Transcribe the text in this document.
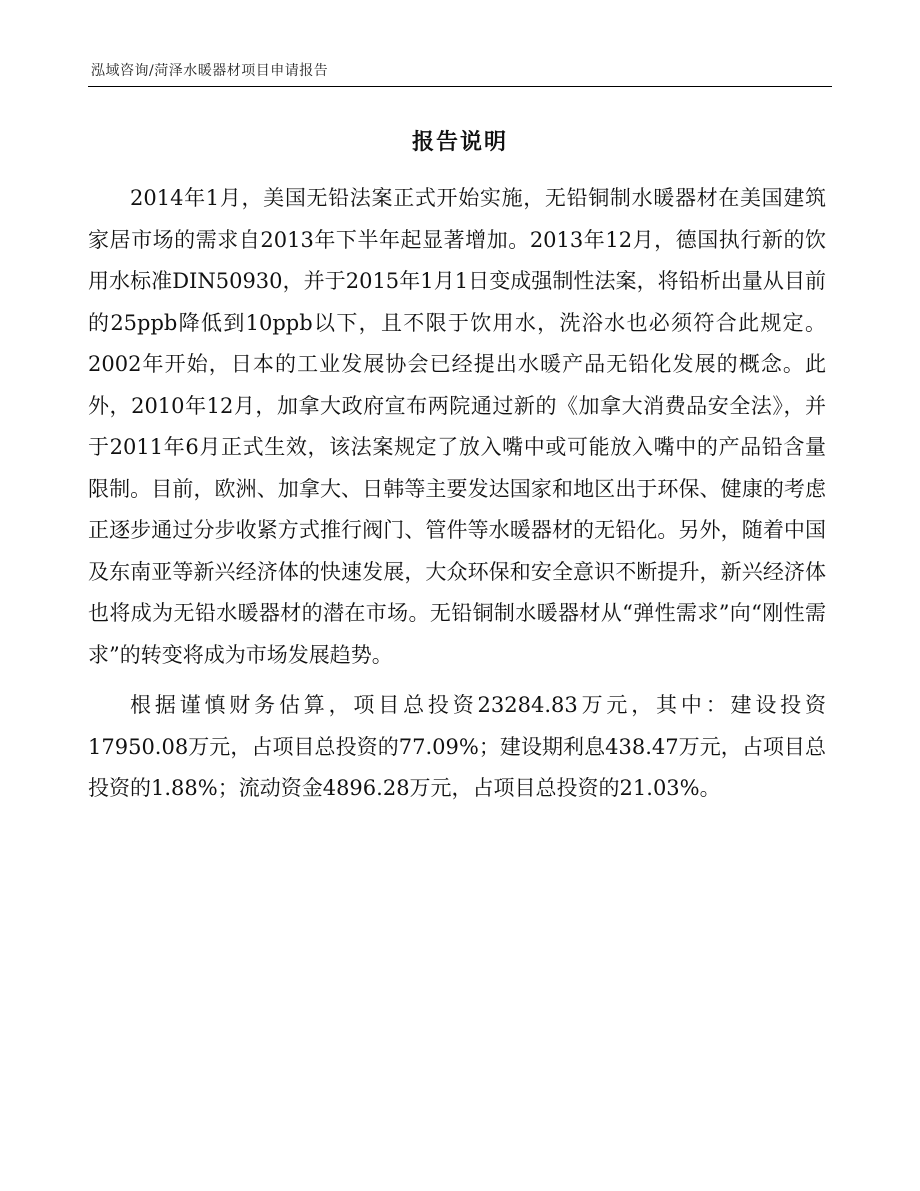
泓域咨询/菏泽水暖器材项目申请报告
报告说明

2014年1月，美国无铅法案正式开始实施，无铅铜制水暖器材在美国建筑家居市场的需求自2013年下半年起显著增加。2013年12月，德国执行新的饮用水标准DIN50930，并于2015年1月1日变成强制性法案，将铅析出量从目前的25ppb降低到10ppb以下，且不限于饮用水，洗浴水也必须符合此规定。2002年开始，日本的工业发展协会已经提出水暖产品无铅化发展的概念。此外，2010年12月，加拿大政府宣布两院通过新的《加拿大消费品安全法》，并于2011年6月正式生效，该法案规定了放入嘴中或可能放入嘴中的产品铅含量限制。目前，欧洲、加拿大、日韩等主要发达国家和地区出于环保、健康的考虑正逐步通过分步收紧方式推行阀门、管件等水暖器材的无铅化。另外，随着中国及东南亚等新兴经济体的快速发展，大众环保和安全意识不断提升，新兴经济体也将成为无铅水暖器材的潜在市场。无铅铜制水暖器材从“弹性需求”向“刚性需求”的转变将成为市场发展趋势。

根据谨慎财务估算，项目总投资23284.83万元，其中：建设投资17950.08万元，占项目总投资的77.09%；建设期利息438.47万元，占项目总投资的1.88%；流动资金4896.28万元，占项目总投资的21.03%。
